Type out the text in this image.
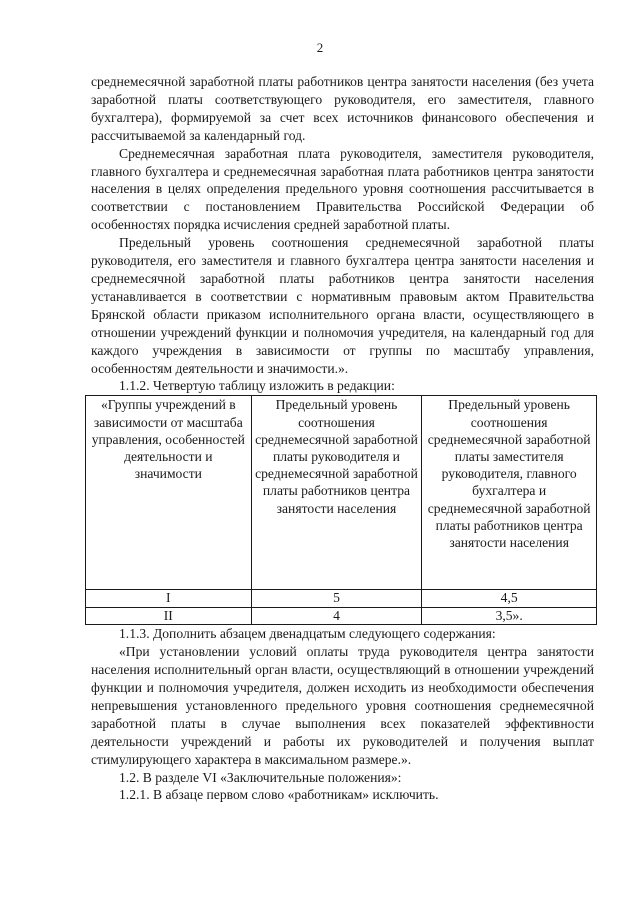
2

среднемесячной заработной платы работников центра занятости населения (без учета заработной платы соответствующего руководителя, его заместителя, главного бухгалтера), формируемой за счет всех источников финансового обеспечения и рассчитываемой за календарный год.

Среднемесячная заработная плата руководителя, заместителя руководителя, главного бухгалтера и среднемесячная заработная плата работников центра занятости населения в целях определения предельного уровня соотношения рассчитывается в соответствии с постановлением Правительства Российской Федерации об особенностях порядка исчисления средней заработной платы.

Предельный уровень соотношения среднемесячной заработной платы руководителя, его заместителя и главного бухгалтера центра занятости населения и среднемесячной заработной платы работников центра занятости населения устанавливается в соответствии с нормативным правовым актом Правительства Брянской области приказом исполнительного органа власти, осуществляющего в отношении учреждений функции и полномочия учредителя, на календарный год для каждого учреждения в зависимости от группы по масштабу управления, особенностям деятельности и значимости.».

1.1.2. Четвертую таблицу изложить в редакции:

«Группы учреждений в зависимости от масштаба управления, особенностей деятельности и значимости	Предельный уровень соотношения среднемесячной заработной платы руководителя и среднемесячной заработной платы работников центра занятости населения	Предельный уровень соотношения среднемесячной заработной платы заместителя руководителя, главного бухгалтера и среднемесячной заработной платы работников центра занятости населения
I	5	4,5
II	4	3,5».

1.1.3. Дополнить абзацем двенадцатым следующего содержания:

«При установлении условий оплаты труда руководителя центра занятости населения исполнительный орган власти, осуществляющий в отношении учреждений функции и полномочия учредителя, должен исходить из необходимости обеспечения непревышения установленного предельного уровня соотношения среднемесячной заработной платы в случае выполнения всех показателей эффективности деятельности учреждений и работы их руководителей и получения выплат стимулирующего характера в максимальном размере.».

1.2. В разделе VI «Заключительные положения»:

1.2.1. В абзаце первом слово «работникам» исключить.
